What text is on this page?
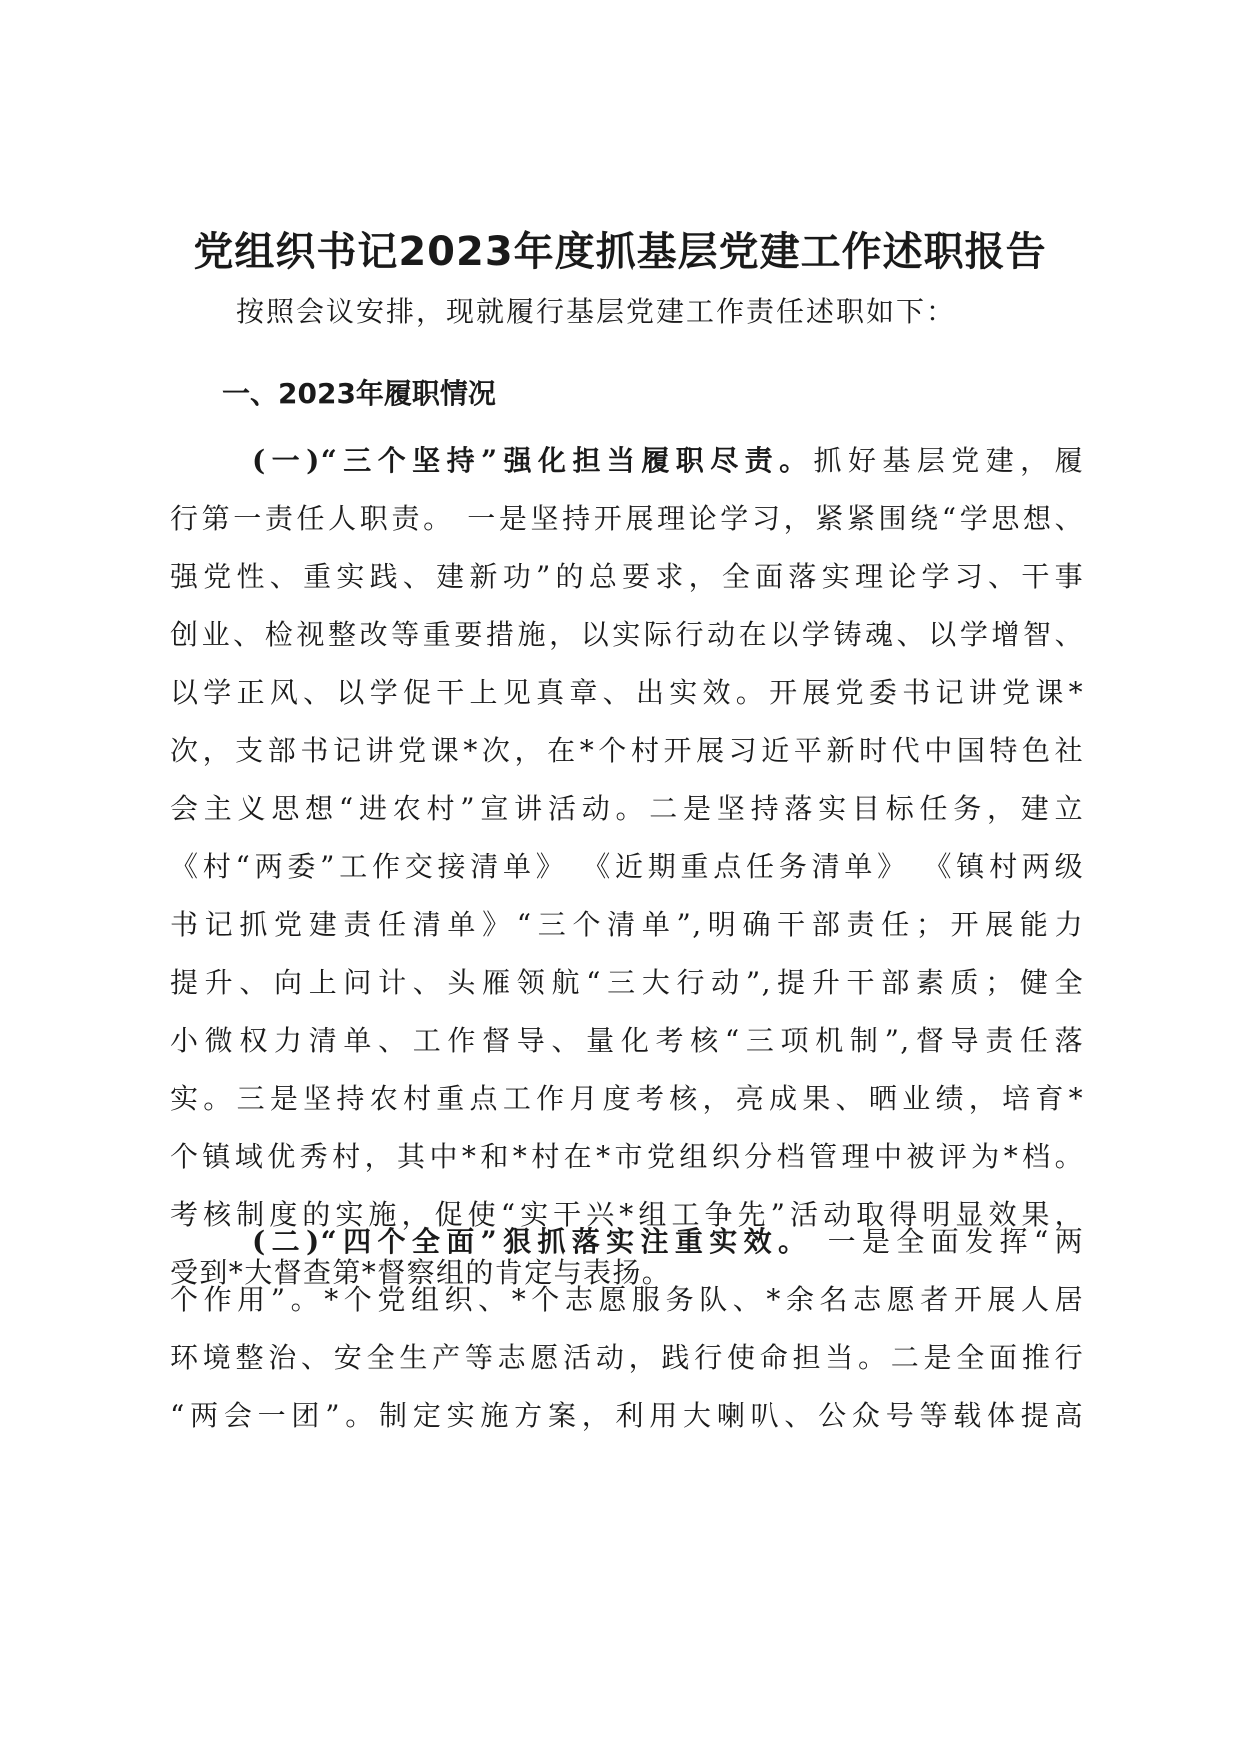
党组织书记2023年度抓基层党建工作述职报告

按照会议安排，现就履行基层党建工作责任述职如下：

一、2023年履职情况
(一)“三个坚持”强化担当履职尽责。抓好基层党建，履
行第一责任人职责。 一是坚持开展理论学习，紧紧围绕“学思想、
强党性、重实践、建新功”的总要求，全面落实理论学习、干事
创业、检视整改等重要措施，以实际行动在以学铸魂、以学增智、
以学正风、以学促干上见真章、出实效。开展党委书记讲党课*
次，支部书记讲党课*次，在*个村开展习近平新时代中国特色社
会主义思想“进农村”宣讲活动。二是坚持落实目标任务，建立
《村“两委”工作交接清单》 《近期重点任务清单》 《镇村两级
书记抓党建责任清单》“三个清单”,明确干部责任；开展能力
提升、向上问计、头雁领航“三大行动”,提升干部素质；健全
小微权力清单、工作督导、量化考核“三项机制”,督导责任落
实。三是坚持农村重点工作月度考核，亮成果、晒业绩，培育*
个镇域优秀村，其中*和*村在*市党组织分档管理中被评为*档。
考核制度的实施，促使“实干兴*组工争先”活动取得明显效果，
受到*大督查第*督察组的肯定与表扬。
(二)“四个全面”狠抓落实注重实效。 一是全面发挥“两
个作用”。*个党组织、*个志愿服务队、*余名志愿者开展人居
环境整治、安全生产等志愿活动，践行使命担当。二是全面推行
“两会一团”。制定实施方案，利用大喇叭、公众号等载体提高
